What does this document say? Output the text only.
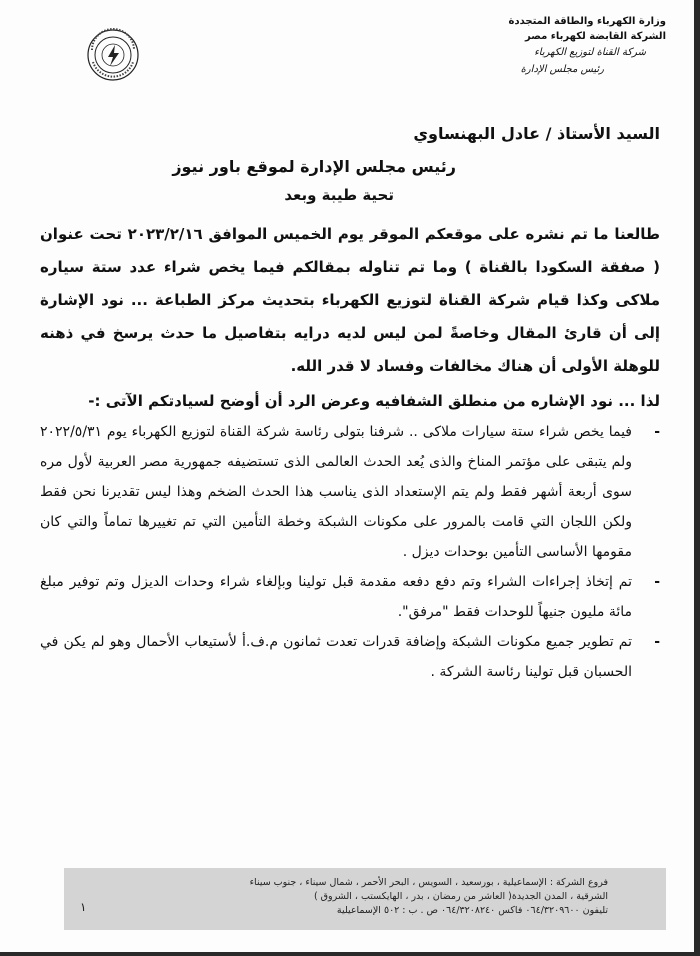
وزارة الكهرباء والطاقة المتجددة
الشركة القابضة لكهرباء مصر
شركة القناة لتوزيع الكهرباء
رئيس مجلس الإدارة
السيد الأستاذ / عادل البهنساوي
رئيس مجلس الإدارة لموقع باور نيوز
تحية طيبة وبعد
طالعنا ما تم نشره على موقعكم الموقر يوم الخميس الموافق ٢٠٢٣/٢/١٦ تحت عنوان ( صفقة السكودا بالقناة ) وما تم تناوله بمقالكم فيما يخص شراء عدد ستة سياره ملاكى وكذا قيام شركة القناة لتوزيع الكهرباء بتحديث مركز الطباعة ... نود الإشارة إلى أن قارئ المقال وخاصةً لمن ليس لديه درايه بتفاصيل ما حدث يرسخ في ذهنه للوهلة الأولى أن هناك مخالفات وفساد لا قدر الله.
لذا ... نود الإشاره من منطلق الشفافيه وعرض الرد أن أوضح لسيادتكم الآتى :-
-
فيما يخص شراء ستة سيارات ملاكى .. شرفنا بتولى رئاسة شركة القناة لتوزيع الكهرباء يوم ٢٠٢٢/٥/٣١ ولم يتبقى على مؤتمر المناخ والذى يُعد الحدث العالمى الذى تستضيفه جمهورية مصر العربية لأول مره سوى أربعة أشهر فقط ولم يتم الإستعداد الذى يناسب هذا الحدث الضخم وهذا ليس تقديرنا نحن فقط ولكن اللجان التي قامت بالمرور على مكونات الشبكة وخطة التأمين التي تم تغييرها تماماً والتي كان مقومها الأساسى التأمين بوحدات ديزل .
-
تم إتخاذ إجراءات الشراء وتم دفع دفعه مقدمة قبل تولينا وبإلغاء شراء وحدات الديزل وتم توفير مبلغ مائة مليون جنيهاً للوحدات فقط "مرفق".
-
تم تطوير جميع مكونات الشبكة وإضافة قدرات تعدت ثمانون م.ف.أ لأستيعاب الأحمال وهو لم يكن في الحسبان قبل تولينا رئاسة الشركة .
فروع الشركة : الإسماعيلية ، بورسعيد ، السويس ، البحر الأحمر ، شمال سيناء ، جنوب سيناء
الشرقية ، المدن الجديدة( العاشر من رمضان ، بدر ، الهايكستب ، الشروق )
تليفون ٠٦٤/٣٢٠٩٦٠٠ فاكس ٠٦٤/٣٢٠٨٢٤٠ ص . ب : ٥٠٢ الإسماعيلية
١
